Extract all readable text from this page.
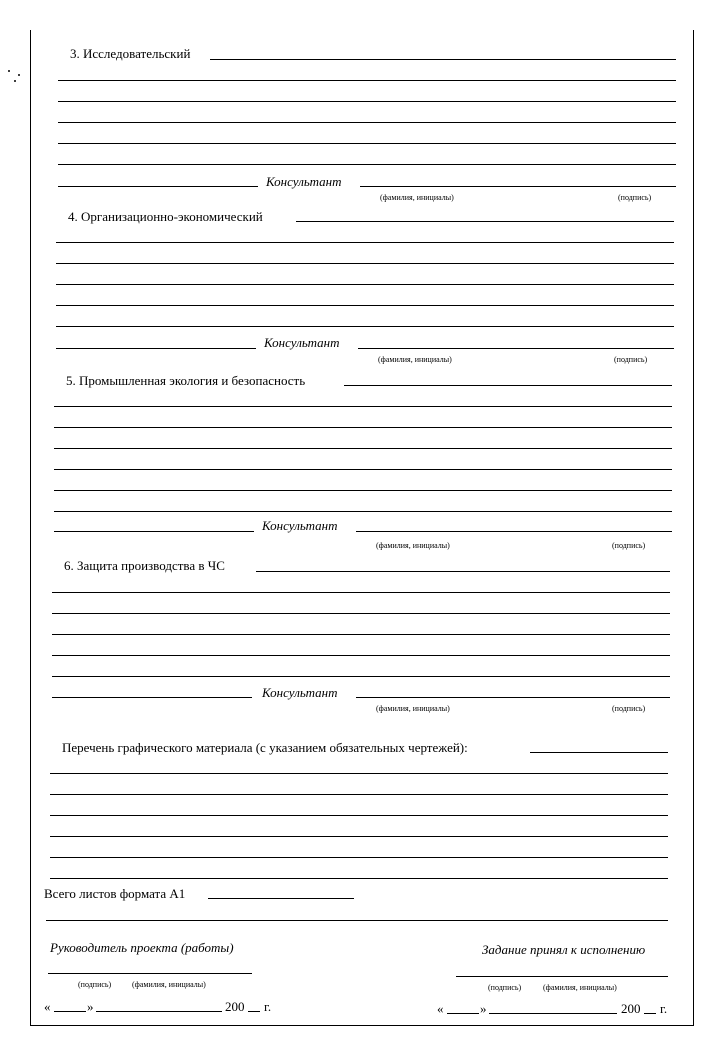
3. Исследовательский
Консультант
(фамилия, инициалы)	(подпись)
4. Организационно-экономический
Консультант
(фамилия, инициалы)	(подпись)
5. Промышленная экология и безопасность
Консультант
(фамилия, инициалы)	(подпись)
6. Защита производства в ЧС
Консультант
(фамилия, инициалы)	(подпись)
Перечень графического материала (с указанием обязательных чертежей):
Всего листов формата А1
Руководитель проекта (работы)
(подпись)	(фамилия, инициалы)
«	»	200 г.
Задание принял к исполнению
(подпись)	(фамилия, инициалы)
«	»	200 г.
